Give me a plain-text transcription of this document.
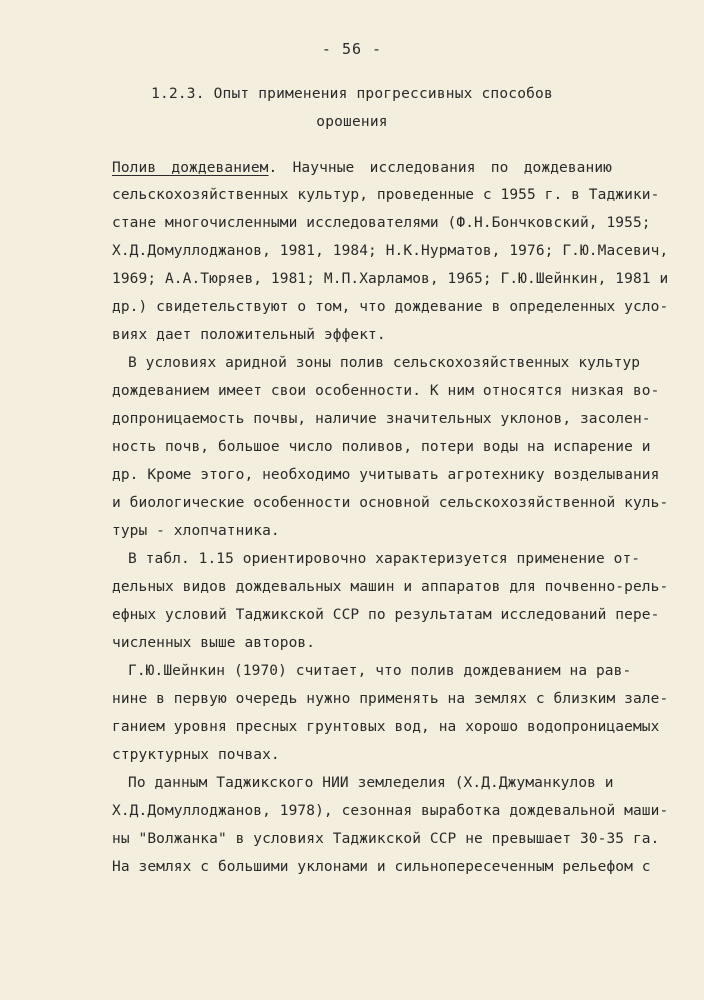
- 56 -
1.2.3. Опыт применения прогрессивных способов
орошения
Полив дождеванием. Научные исследования по дождеванию
сельскохозяйственных культур, проведенные с 1955 г. в Таджики-
стане многочисленными исследователями (Ф.Н.Бончковский, 1955;
Х.Д.Домуллоджанов, 1981, 1984; Н.К.Нурматов, 1976; Г.Ю.Масевич,
1969; А.А.Тюряев, 1981; М.П.Харламов, 1965; Г.Ю.Шейнкин, 1981 и
др.) свидетельствуют о том, что дождевание в определенных усло-
виях дает положительный эффект.
В условиях аридной зоны полив сельскохозяйственных культур
дождеванием имеет свои особенности. К ним относятся низкая во-
допроницаемость почвы, наличие значительных уклонов, засолен-
ность почв, большое число поливов, потери воды на испарение и
др. Кроме этого, необходимо учитывать агротехнику возделывания
и биологические особенности основной сельскохозяйственной куль-
туры - хлопчатника.
В табл. 1.15 ориентировочно характеризуется применение от-
дельных видов дождевальных машин и аппаратов для почвенно-рель-
ефных условий Таджикской ССР по результатам исследований пере-
численных выше авторов.
Г.Ю.Шейнкин (1970) считает, что полив дождеванием на рав-
нине в первую очередь нужно применять на землях с близким зале-
ганием уровня пресных грунтовых вод, на хорошо водопроницаемых
структурных почвах.
По данным Таджикского НИИ земледелия (Х.Д.Джуманкулов и
Х.Д.Домуллоджанов, 1978), сезонная выработка дождевальной маши-
ны "Волжанка" в условиях Таджикской ССР не превышает 30-35 га.
На землях с большими уклонами и сильнопересеченным рельефом с
